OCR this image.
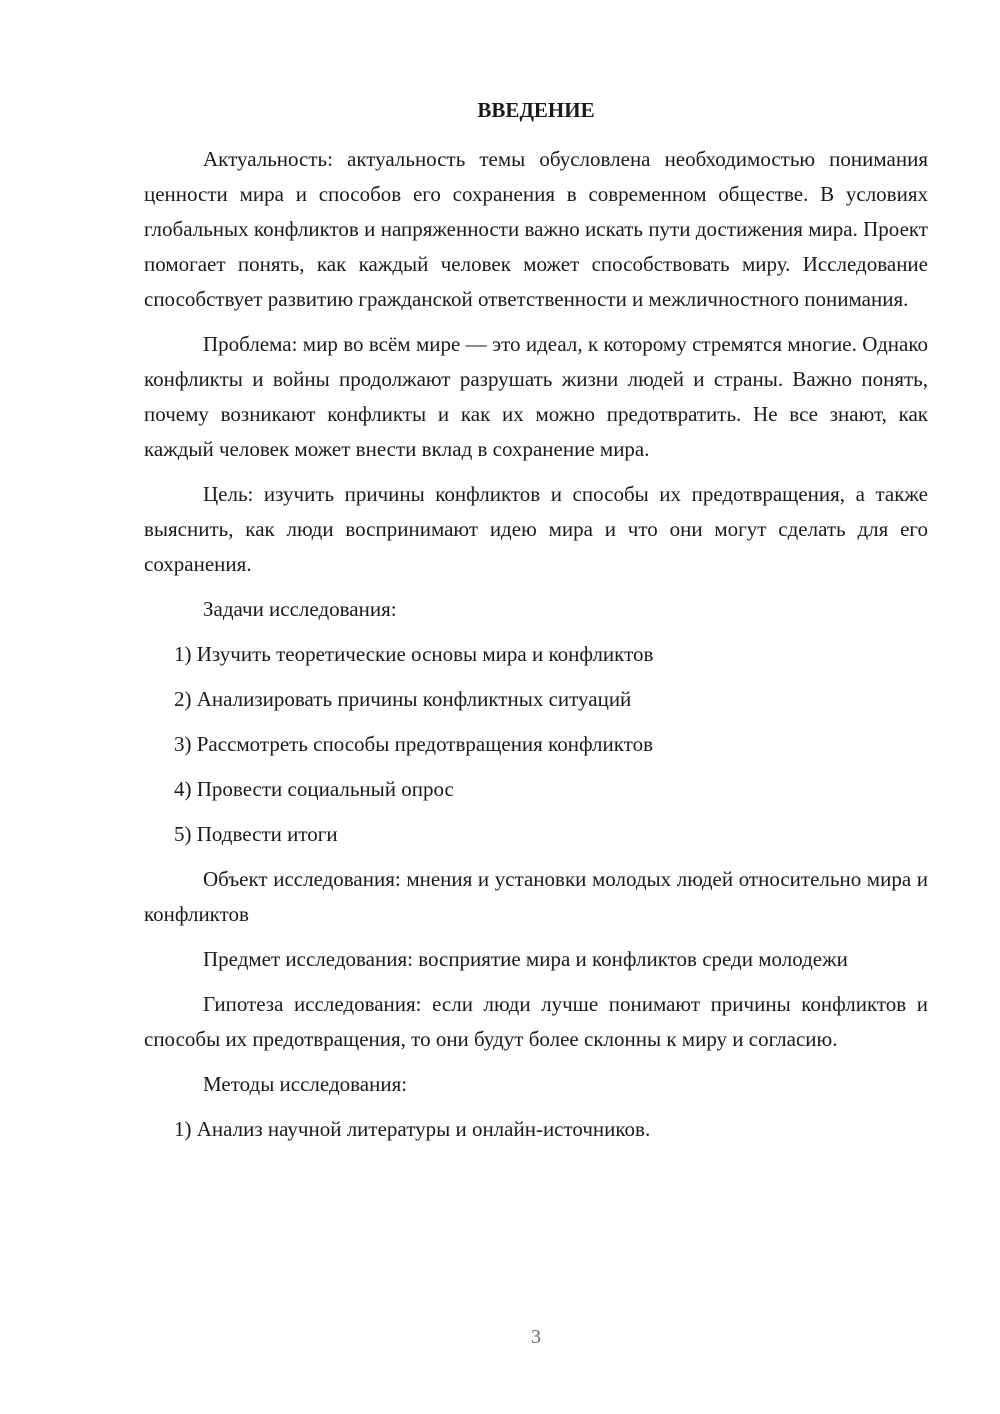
ВВЕДЕНИЕ

Актуальность: актуальность темы обусловлена необходимостью понимания ценности мира и способов его сохранения в современном обществе. В условиях глобальных конфликтов и напряженности важно искать пути достижения мира. Проект помогает понять, как каждый человек может способствовать миру. Исследование способствует развитию гражданской ответственности и межличностного понимания.

Проблема: мир во всём мире — это идеал, к которому стремятся многие. Однако конфликты и войны продолжают разрушать жизни людей и страны. Важно понять, почему возникают конфликты и как их можно предотвратить. Не все знают, как каждый человек может внести вклад в сохранение мира.

Цель: изучить причины конфликтов и способы их предотвращения, а также выяснить, как люди воспринимают идею мира и что они могут сделать для его сохранения.

Задачи исследования:

1) Изучить теоретические основы мира и конфликтов
2) Анализировать причины конфликтных ситуаций
3) Рассмотреть способы предотвращения конфликтов
4) Провести социальный опрос
5) Подвести итоги

Объект исследования: мнения и установки молодых людей относительно мира и конфликтов

Предмет исследования: восприятие мира и конфликтов среди молодежи

Гипотеза исследования: если люди лучше понимают причины конфликтов и способы их предотвращения, то они будут более склонны к миру и согласию.

Методы исследования:

1) Анализ научной литературы и онлайн-источников.
3
